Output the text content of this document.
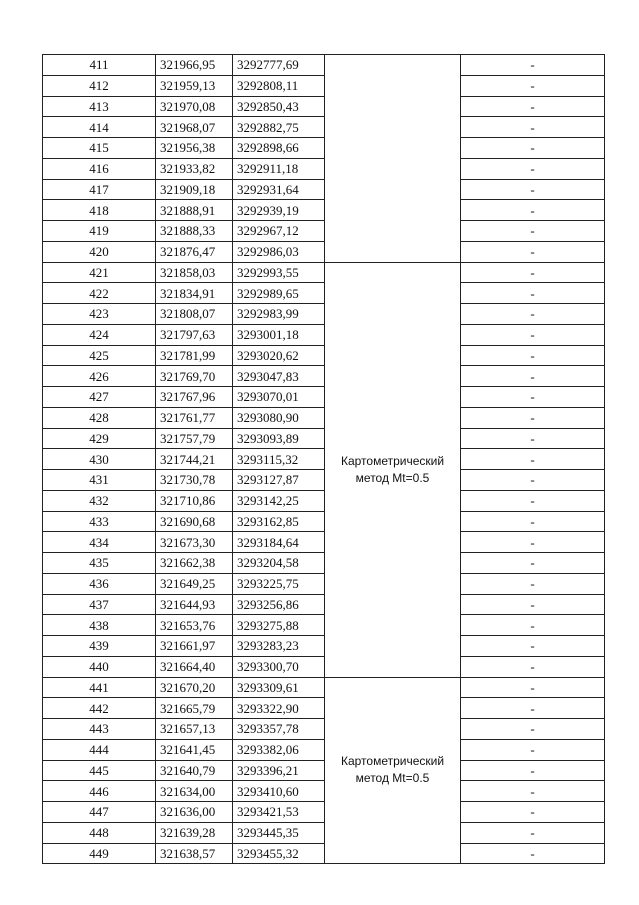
411	321966,95	3292777,69		-
412	321959,13	3292808,11		-
413	321970,08	3292850,43		-
414	321968,07	3292882,75		-
415	321956,38	3292898,66		-
416	321933,82	3292911,18		-
417	321909,18	3292931,64		-
418	321888,91	3292939,19		-
419	321888,33	3292967,12		-
420	321876,47	3292986,03		-
421	321858,03	3292993,55	Картометрический метод Mt=0.5	-
422	321834,91	3292989,65		-
423	321808,07	3292983,99		-
424	321797,63	3293001,18		-
425	321781,99	3293020,62		-
426	321769,70	3293047,83		-
427	321767,96	3293070,01		-
428	321761,77	3293080,90		-
429	321757,79	3293093,89		-
430	321744,21	3293115,32		-
431	321730,78	3293127,87		-
432	321710,86	3293142,25		-
433	321690,68	3293162,85		-
434	321673,30	3293184,64		-
435	321662,38	3293204,58		-
436	321649,25	3293225,75		-
437	321644,93	3293256,86		-
438	321653,76	3293275,88		-
439	321661,97	3293283,23		-
440	321664,40	3293300,70		-
441	321670,20	3293309,61	Картометрический метод Mt=0.5	-
442	321665,79	3293322,90		-
443	321657,13	3293357,78		-
444	321641,45	3293382,06		-
445	321640,79	3293396,21		-
446	321634,00	3293410,60		-
447	321636,00	3293421,53		-
448	321639,28	3293445,35		-
449	321638,57	3293455,32		-
